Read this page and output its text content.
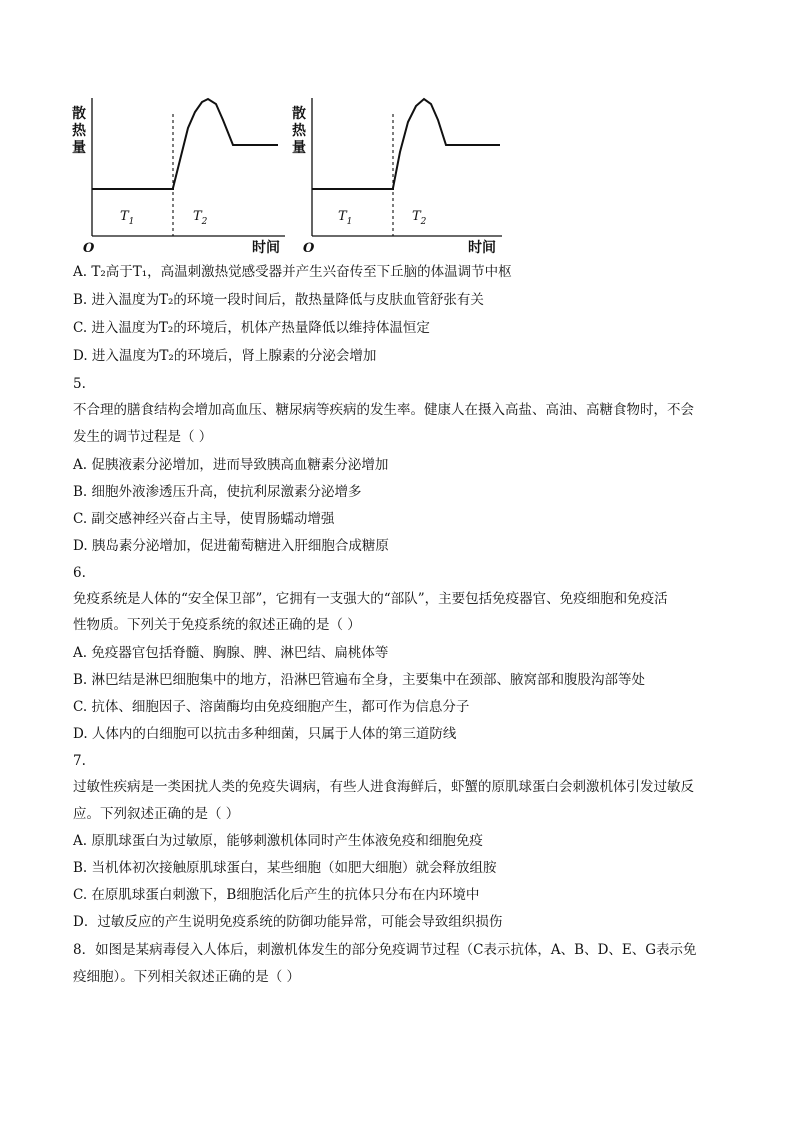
散
热
量
O	时间
$T_1$	$T_2$
散
热
量
O	时间
$T_1$	$T_2$
A. T₂高于T₁，高温刺激热觉感受器并产生兴奋传至下丘脑的体温调节中枢
B. 进入温度为T₂的环境一段时间后，散热量降低与皮肤血管舒张有关
C. 进入温度为T₂的环境后，机体产热量降低以维持体温恒定
D. 进入温度为T₂的环境后，肾上腺素的分泌会增加
5.
不合理的膳食结构会增加高血压、糖尿病等疾病的发生率。健康人在摄入高盐、高油、高糖食物时，不会
发生的调节过程是（ ）
A. 促胰液素分泌增加，进而导致胰高血糖素分泌增加
B. 细胞外液渗透压升高，使抗利尿激素分泌增多
C. 副交感神经兴奋占主导，使胃肠蠕动增强
D. 胰岛素分泌增加，促进葡萄糖进入肝细胞合成糖原
6.
免疫系统是人体的“安全保卫部”，它拥有一支强大的“部队”，主要包括免疫器官、免疫细胞和免疫活
性物质。下列关于免疫系统的叙述正确的是（ ）
A. 免疫器官包括脊髓、胸腺、脾、淋巴结、扁桃体等
B. 淋巴结是淋巴细胞集中的地方，沿淋巴管遍布全身，主要集中在颈部、腋窝部和腹股沟部等处
C. 抗体、细胞因子、溶菌酶均由免疫细胞产生，都可作为信息分子
D. 人体内的白细胞可以抗击多种细菌，只属于人体的第三道防线
7.
过敏性疾病是一类困扰人类的免疫失调病，有些人进食海鲜后，虾蟹的原肌球蛋白会刺激机体引发过敏反
应。下列叙述正确的是（ ）
A. 原肌球蛋白为过敏原，能够刺激机体同时产生体液免疫和细胞免疫
B. 当机体初次接触原肌球蛋白，某些细胞（如肥大细胞）就会释放组胺
C. 在原肌球蛋白刺激下，B细胞活化后产生的抗体只分布在内环境中
D．过敏反应的产生说明免疫系统的防御功能异常，可能会导致组织损伤
8．如图是某病毒侵入人体后，刺激机体发生的部分免疫调节过程（C表示抗体，A、B、D、E、G表示免
疫细胞）。下列相关叙述正确的是（ ）
